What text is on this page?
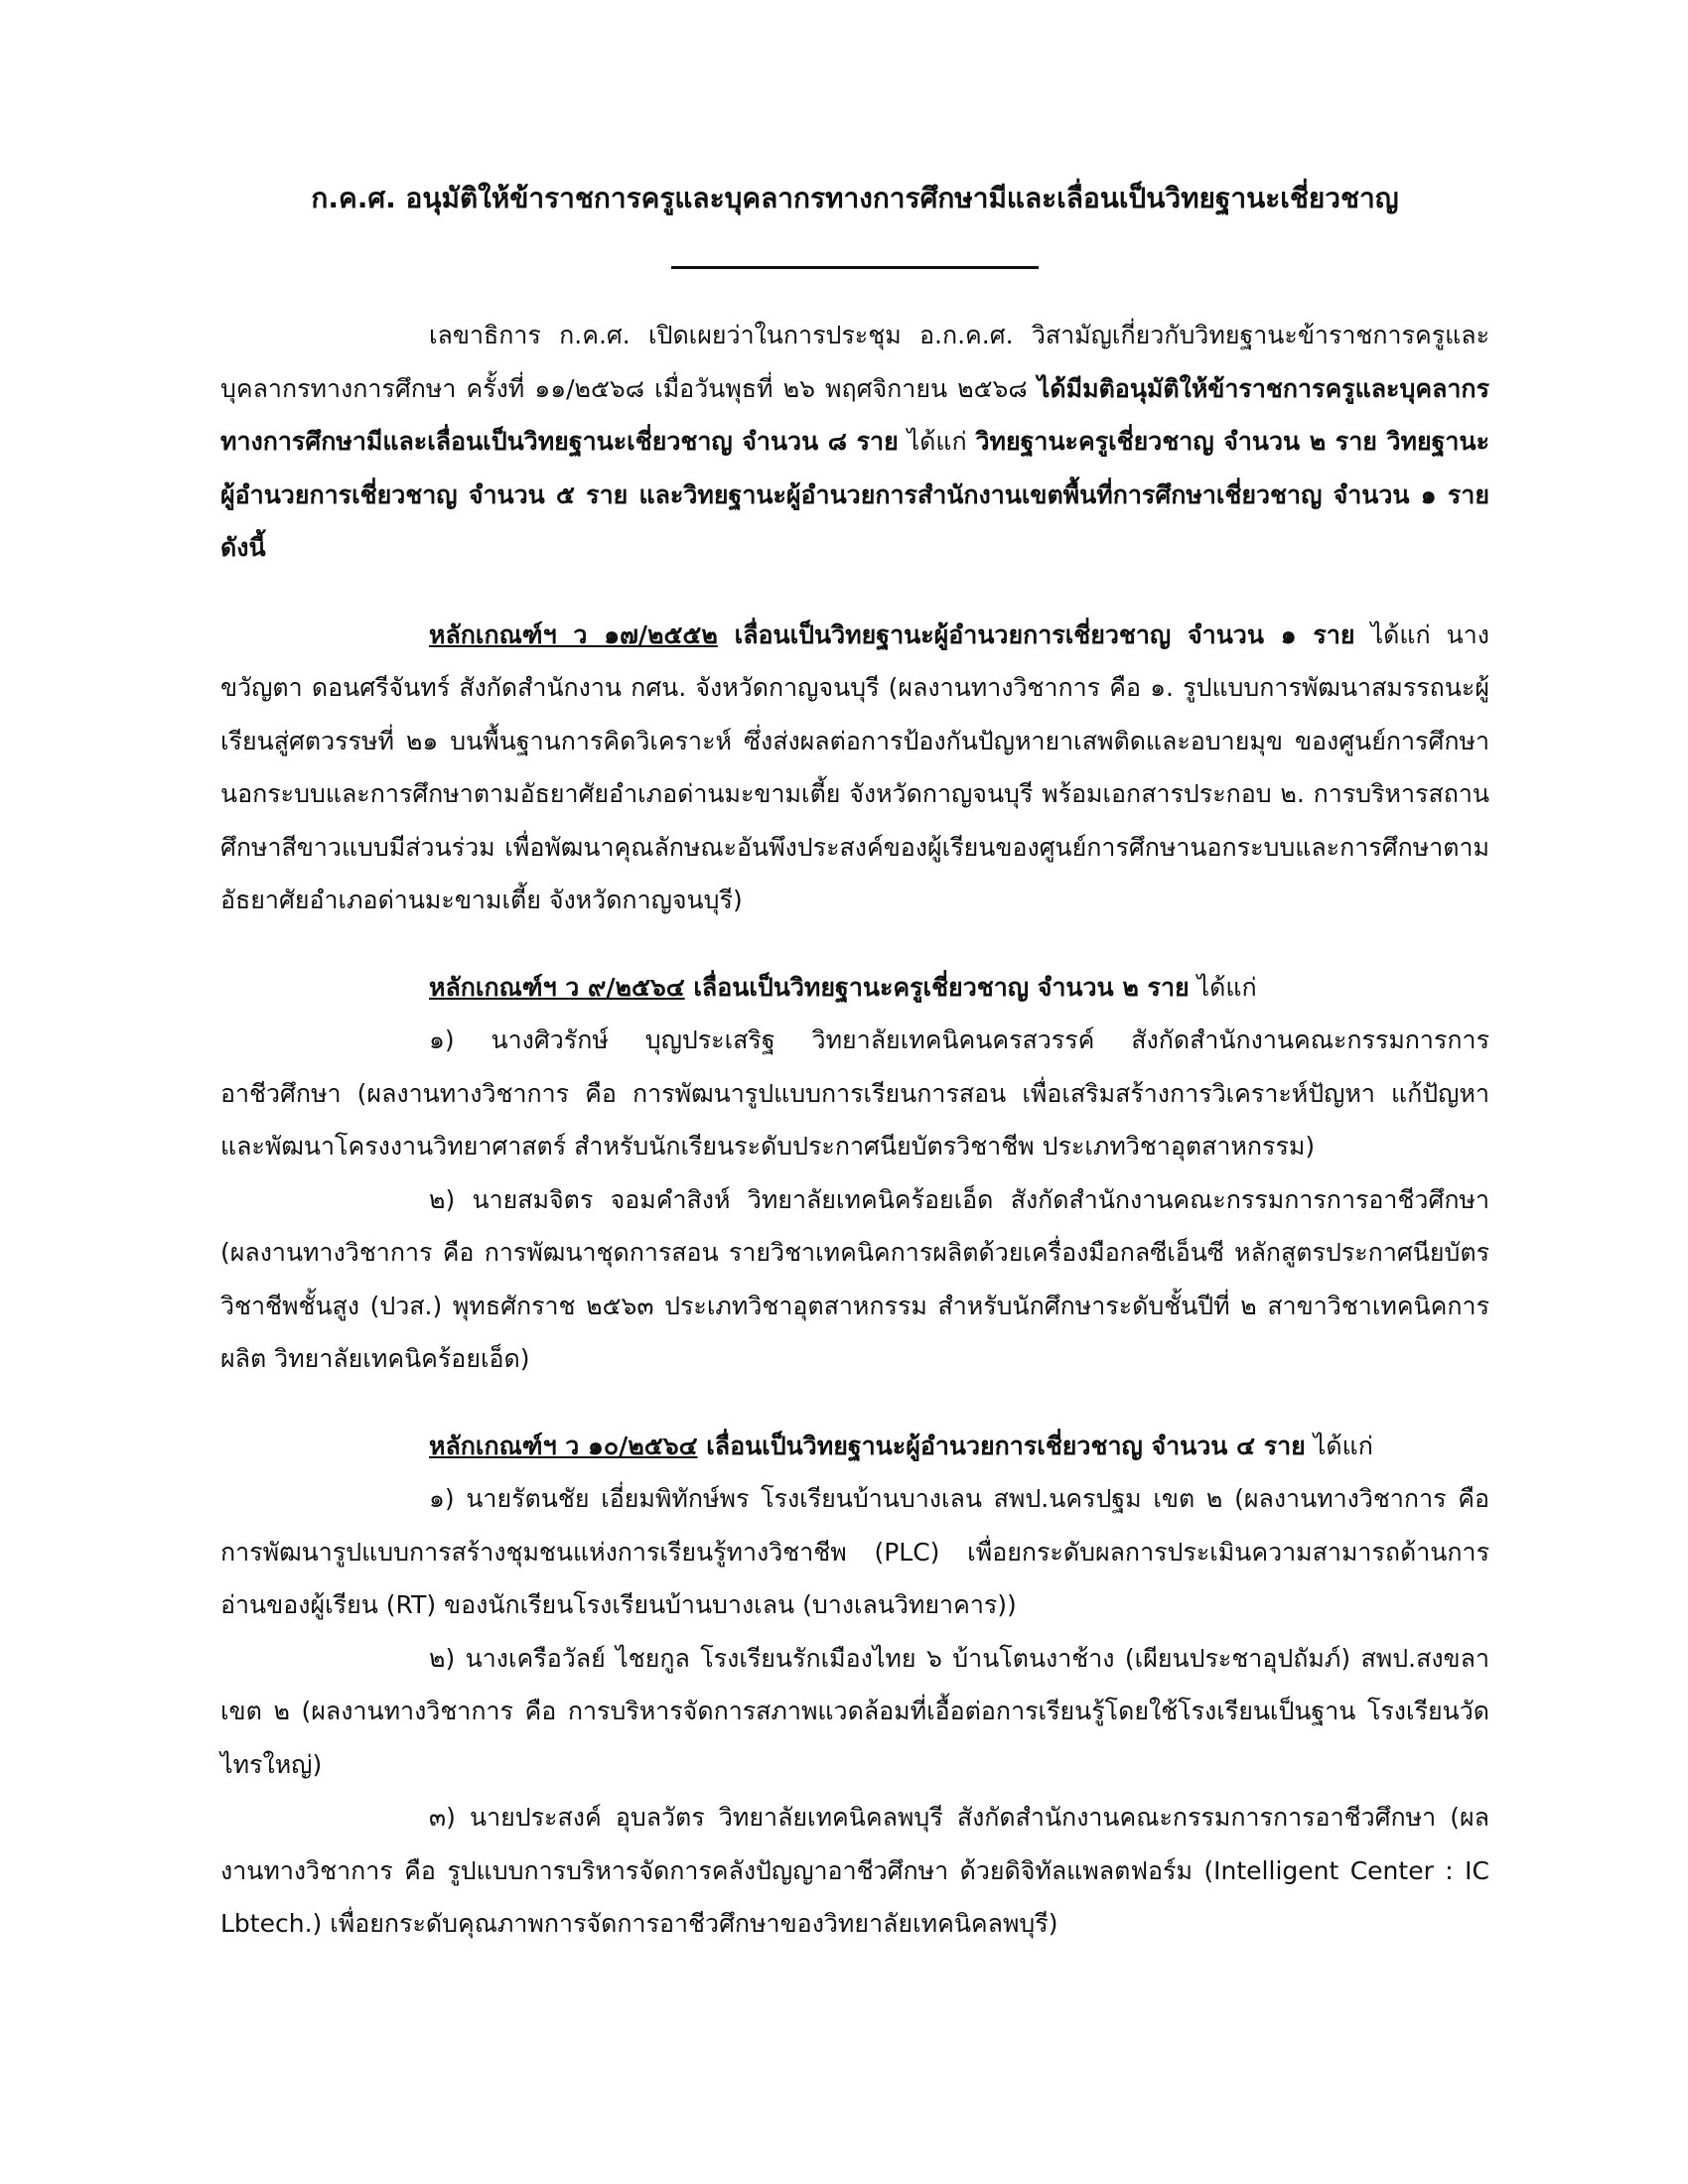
ก.ค.ศ. อนุมัติให้ข้าราชการครูและบุคลากรทางการศึกษามีและเลื่อนเป็นวิทยฐานะเชี่ยวชาญ

เลขาธิการ ก.ค.ศ. เปิดเผยว่าในการประชุม อ.ก.ค.ศ. วิสามัญเกี่ยวกับวิทยฐานะข้าราชการครูและบุคลากรทางการศึกษา ครั้งที่ ๑๑/๒๕๖๘ เมื่อวันพุธที่ ๒๖ พฤศจิกายน ๒๕๖๘ ได้มีมติอนุมัติให้ข้าราชการครูและบุคลากรทางการศึกษามีและเลื่อนเป็นวิทยฐานะเชี่ยวชาญ จำนวน ๘ ราย ได้แก่ วิทยฐานะครูเชี่ยวชาญ จำนวน ๒ ราย วิทยฐานะผู้อำนวยการเชี่ยวชาญ จำนวน ๕ ราย และวิทยฐานะผู้อำนวยการสำนักงานเขตพื้นที่การศึกษาเชี่ยวชาญ จำนวน ๑ ราย ดังนี้

หลักเกณฑ์ฯ ว ๑๗/๒๕๕๒ เลื่อนเป็นวิทยฐานะผู้อำนวยการเชี่ยวชาญ จำนวน ๑ ราย ได้แก่ นางขวัญตา ดอนศรีจันทร์ สังกัดสำนักงาน กศน. จังหวัดกาญจนบุรี (ผลงานทางวิชาการ คือ ๑. รูปแบบการพัฒนาสมรรถนะผู้เรียนสู่ศตวรรษที่ ๒๑ บนพื้นฐานการคิดวิเคราะห์ ซึ่งส่งผลต่อการป้องกันปัญหายาเสพติดและอบายมุข ของศูนย์การศึกษานอกระบบและการศึกษาตามอัธยาศัยอำเภอด่านมะขามเตี้ย จังหวัดกาญจนบุรี พร้อมเอกสารประกอบ ๒. การบริหารสถานศึกษาสีขาวแบบมีส่วนร่วม เพื่อพัฒนาคุณลักษณะอันพึงประสงค์ของผู้เรียนของศูนย์การศึกษานอกระบบและการศึกษาตามอัธยาศัยอำเภอด่านมะขามเตี้ย จังหวัดกาญจนบุรี)

หลักเกณฑ์ฯ ว ๙/๒๕๖๔ เลื่อนเป็นวิทยฐานะครูเชี่ยวชาญ จำนวน ๒ ราย ได้แก่

๑) นางศิวรักษ์ บุญประเสริฐ วิทยาลัยเทคนิคนครสวรรค์ สังกัดสำนักงานคณะกรรมการการอาชีวศึกษา (ผลงานทางวิชาการ คือ การพัฒนารูปแบบการเรียนการสอน เพื่อเสริมสร้างการวิเคราะห์ปัญหา แก้ปัญหา และพัฒนาโครงงานวิทยาศาสตร์ สำหรับนักเรียนระดับประกาศนียบัตรวิชาชีพ ประเภทวิชาอุตสาหกรรม)

๒) นายสมจิตร จอมคำสิงห์ วิทยาลัยเทคนิคร้อยเอ็ด สังกัดสำนักงานคณะกรรมการการอาชีวศึกษา (ผลงานทางวิชาการ คือ การพัฒนาชุดการสอน รายวิชาเทคนิคการผลิตด้วยเครื่องมือกลซีเอ็นซี หลักสูตรประกาศนียบัตรวิชาชีพชั้นสูง (ปวส.) พุทธศักราช ๒๕๖๓ ประเภทวิชาอุตสาหกรรม สำหรับนักศึกษาระดับชั้นปีที่ ๒ สาขาวิชาเทคนิคการผลิต วิทยาลัยเทคนิคร้อยเอ็ด)

หลักเกณฑ์ฯ ว ๑๐/๒๕๖๔ เลื่อนเป็นวิทยฐานะผู้อำนวยการเชี่ยวชาญ จำนวน ๔ ราย ได้แก่

๑) นายรัตนชัย เอี่ยมพิทักษ์พร โรงเรียนบ้านบางเลน สพป.นครปฐม เขต ๒ (ผลงานทางวิชาการ คือ การพัฒนารูปแบบการสร้างชุมชนแห่งการเรียนรู้ทางวิชาชีพ (PLC) เพื่อยกระดับผลการประเมินความสามารถด้านการอ่านของผู้เรียน (RT) ของนักเรียนโรงเรียนบ้านบางเลน (บางเลนวิทยาคาร))

๒) นางเครือวัลย์ ไชยกูล โรงเรียนรักเมืองไทย ๖ บ้านโตนงาช้าง (เผียนประชาอุปถัมภ์) สพป.สงขลา เขต ๒ (ผลงานทางวิชาการ คือ การบริหารจัดการสภาพแวดล้อมที่เอื้อต่อการเรียนรู้โดยใช้โรงเรียนเป็นฐาน โรงเรียนวัดไทรใหญ่)

๓) นายประสงค์ อุบลวัตร วิทยาลัยเทคนิคลพบุรี สังกัดสำนักงานคณะกรรมการการอาชีวศึกษา (ผลงานทางวิชาการ คือ รูปแบบการบริหารจัดการคลังปัญญาอาชีวศึกษา ด้วยดิจิทัลแพลตฟอร์ม (Intelligent Center : IC Lbtech.) เพื่อยกระดับคุณภาพการจัดการอาชีวศึกษาของวิทยาลัยเทคนิคลพบุรี)
